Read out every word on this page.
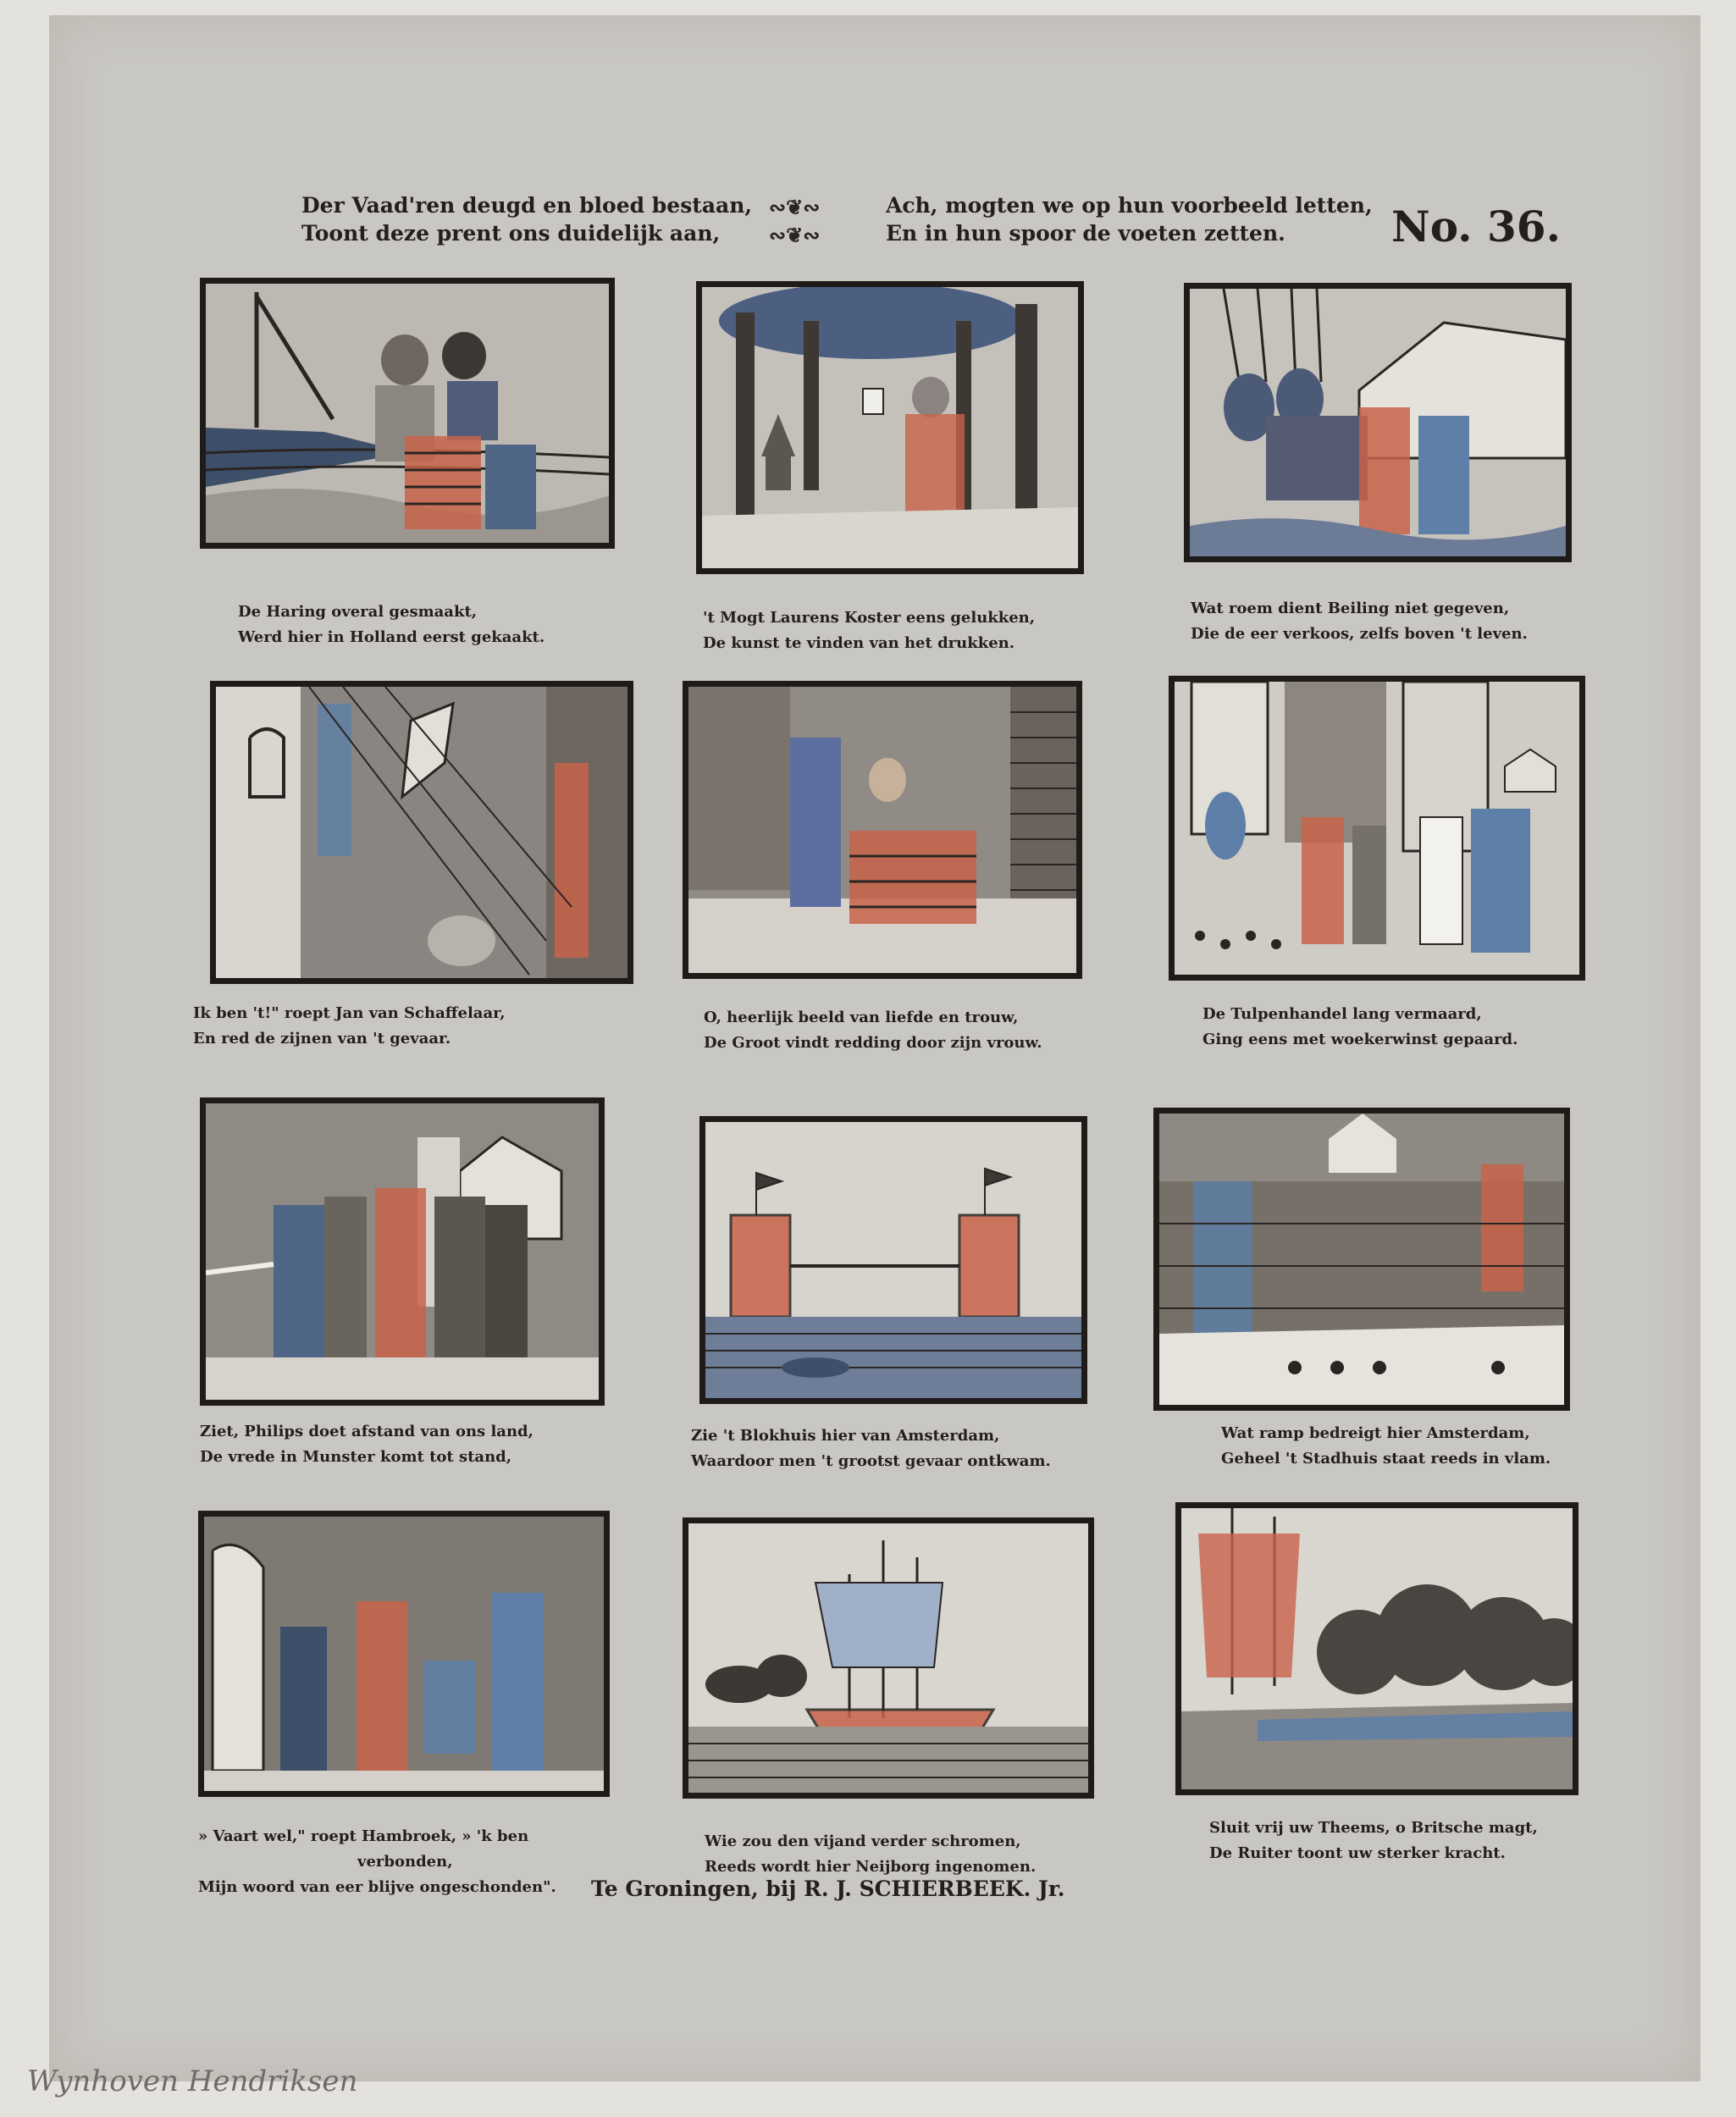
Der Vaad'ren deugd en bloed bestaan,
Toont deze prent ons duidelijk aan,
∾❦∾
∾❦∾
Ach, mogten we op hun voorbeeld letten,
En in hun spoor de voeten zetten.	No. 36.
De Haring overal gesmaakt,
Werd hier in Holland eerst gekaakt.
't Mogt Laurens Koster eens gelukken,
De kunst te vinden van het drukken.
Wat roem dient Beiling niet gegeven,
Die de eer verkoos, zelfs boven 't leven.
Ik ben 't!" roept Jan van Schaffelaar,
En red de zijnen van 't gevaar.
O, heerlijk beeld van liefde en trouw,
De Groot vindt redding door zijn vrouw.
De Tulpenhandel lang vermaard,
Ging eens met woekerwinst gepaard.
Ziet, Philips doet afstand van ons land,
De vrede in Munster komt tot stand,
Zie 't Blokhuis hier van Amsterdam,
Waardoor men 't grootst gevaar ontkwam.
Wat ramp bedreigt hier Amsterdam,
Geheel 't Stadhuis staat reeds in vlam.
» Vaart wel," roept Hambroek, » 'k ben
verbonden,
Mijn woord van eer blijve ongeschonden".
Wie zou den vijand verder schromen,
Reeds wordt hier Neijborg ingenomen.
Sluit vrij uw Theems, o Britsche magt,
De Ruiter toont uw sterker kracht.
Te Groningen, bij R. J. SCHIERBEEK. Jr.
Wynhoven Hendriksen
